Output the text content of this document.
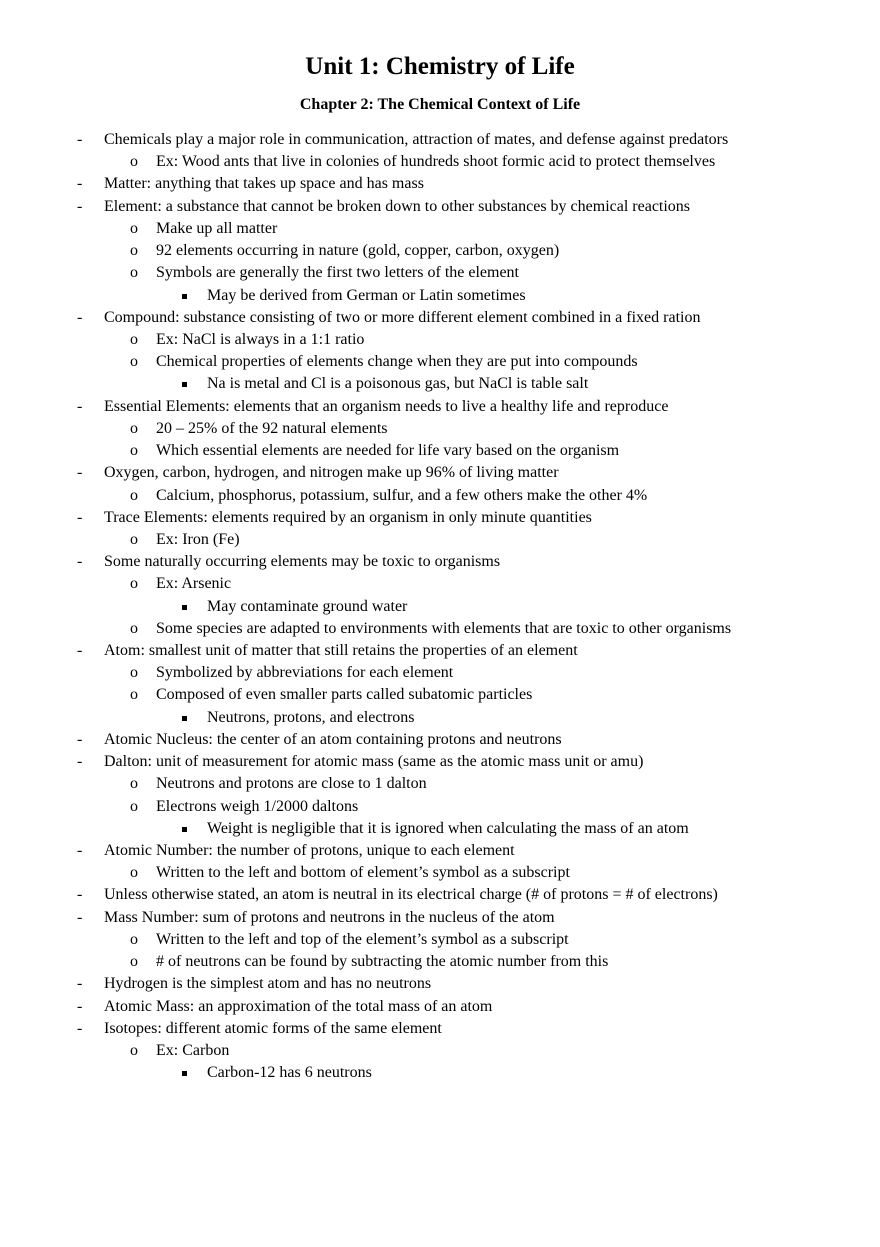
Unit 1: Chemistry of Life
Chapter 2: The Chemical Context of Life
- Chemicals play a major role in communication, attraction of mates, and defense against predators
o Ex: Wood ants that live in colonies of hundreds shoot formic acid to protect themselves
- Matter: anything that takes up space and has mass
- Element: a substance that cannot be broken down to other substances by chemical reactions
o Make up all matter
o 92 elements occurring in nature (gold, copper, carbon, oxygen)
o Symbols are generally the first two letters of the element
May be derived from German or Latin sometimes
- Compound: substance consisting of two or more different element combined in a fixed ration
o Ex: NaCl is always in a 1:1 ratio
o Chemical properties of elements change when they are put into compounds
Na is metal and Cl is a poisonous gas, but NaCl is table salt
- Essential Elements: elements that an organism needs to live a healthy life and reproduce
o 20 – 25% of the 92 natural elements
o Which essential elements are needed for life vary based on the organism
- Oxygen, carbon, hydrogen, and nitrogen make up 96% of living matter
o Calcium, phosphorus, potassium, sulfur, and a few others make the other 4%
- Trace Elements: elements required by an organism in only minute quantities
o Ex: Iron (Fe)
- Some naturally occurring elements may be toxic to organisms
o Ex: Arsenic
May contaminate ground water
o Some species are adapted to environments with elements that are toxic to other organisms
- Atom: smallest unit of matter that still retains the properties of an element
o Symbolized by abbreviations for each element
o Composed of even smaller parts called subatomic particles
Neutrons, protons, and electrons
- Atomic Nucleus: the center of an atom containing protons and neutrons
- Dalton: unit of measurement for atomic mass (same as the atomic mass unit or amu)
o Neutrons and protons are close to 1 dalton
o Electrons weigh 1/2000 daltons
Weight is negligible that it is ignored when calculating the mass of an atom
- Atomic Number: the number of protons, unique to each element
o Written to the left and bottom of element’s symbol as a subscript
- Unless otherwise stated, an atom is neutral in its electrical charge (# of protons = # of electrons)
- Mass Number: sum of protons and neutrons in the nucleus of the atom
o Written to the left and top of the element’s symbol as a subscript
o # of neutrons can be found by subtracting the atomic number from this
- Hydrogen is the simplest atom and has no neutrons
- Atomic Mass: an approximation of the total mass of an atom
- Isotopes: different atomic forms of the same element
o Ex: Carbon
Carbon-12 has 6 neutrons
